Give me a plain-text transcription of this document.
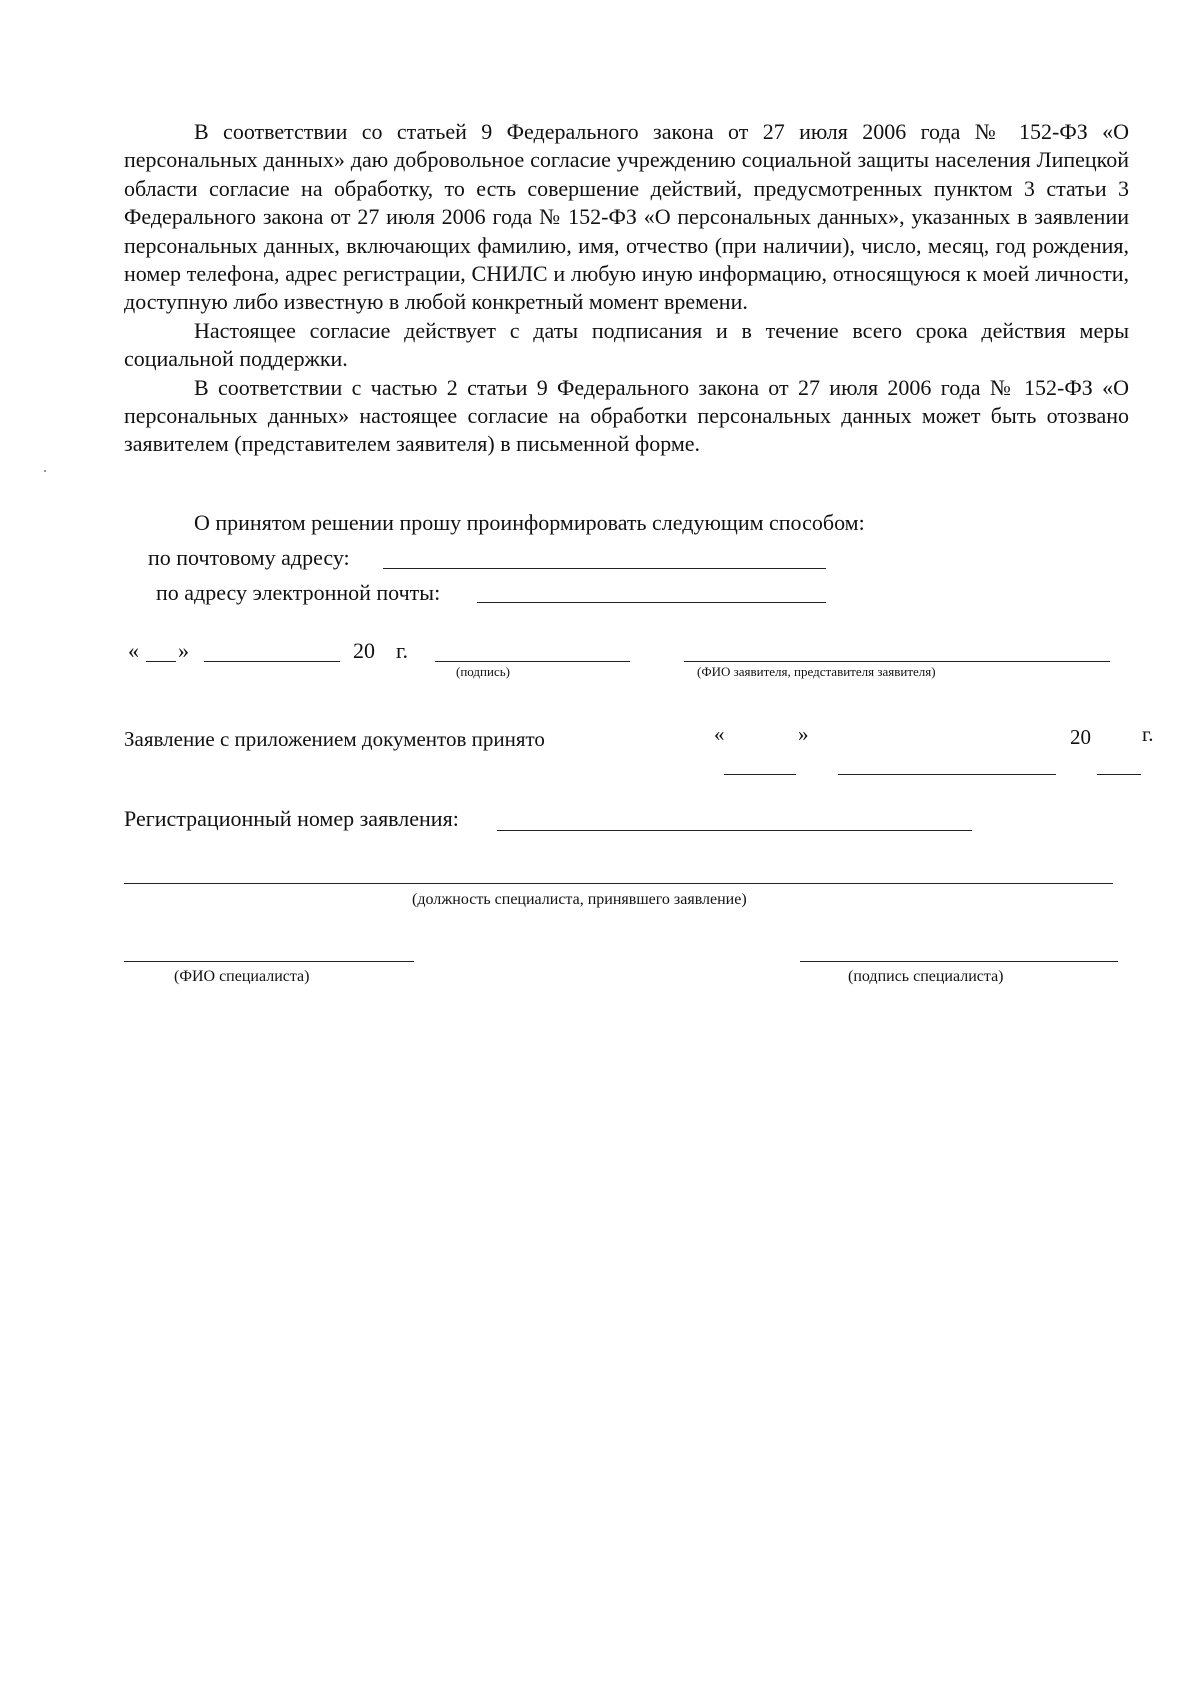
В соответствии со статьей 9 Федерального закона от 27 июля 2006 года № 152-ФЗ «О персональных данных» даю добровольное согласие учреждению социальной защиты населения Липецкой области согласие на обработку, то есть совершение действий, предусмотренных пунктом 3 статьи 3 Федерального закона от 27 июля 2006 года № 152-ФЗ «О персональных данных», указанных в заявлении персональных данных, включающих фамилию, имя, отчество (при наличии), число, месяц, год рождения, номер телефона, адрес регистрации, СНИЛС и любую иную информацию, относящуюся к моей личности, доступную либо известную в любой конкретный момент времени.

Настоящее согласие действует с даты подписания и в течение всего срока действия меры социальной поддержки.

В соответствии с частью 2 статьи 9 Федерального закона от 27 июля 2006 года № 152-ФЗ «О персональных данных» настоящее согласие на обработки персональных данных может быть отозвано заявителем (представителем заявителя) в письменной форме.

О принятом решении прошу проинформировать следующим способом:
по почтовому адресу:
по адресу электронной почты:
« »	20 г.
(подпись)	(ФИО заявителя, представителя заявителя)
Заявление с приложением документов принято	«	»	20 г.
Регистрационный номер заявления:
(должность специалиста, принявшего заявление)
(ФИО специалиста)	(подпись специалиста)
